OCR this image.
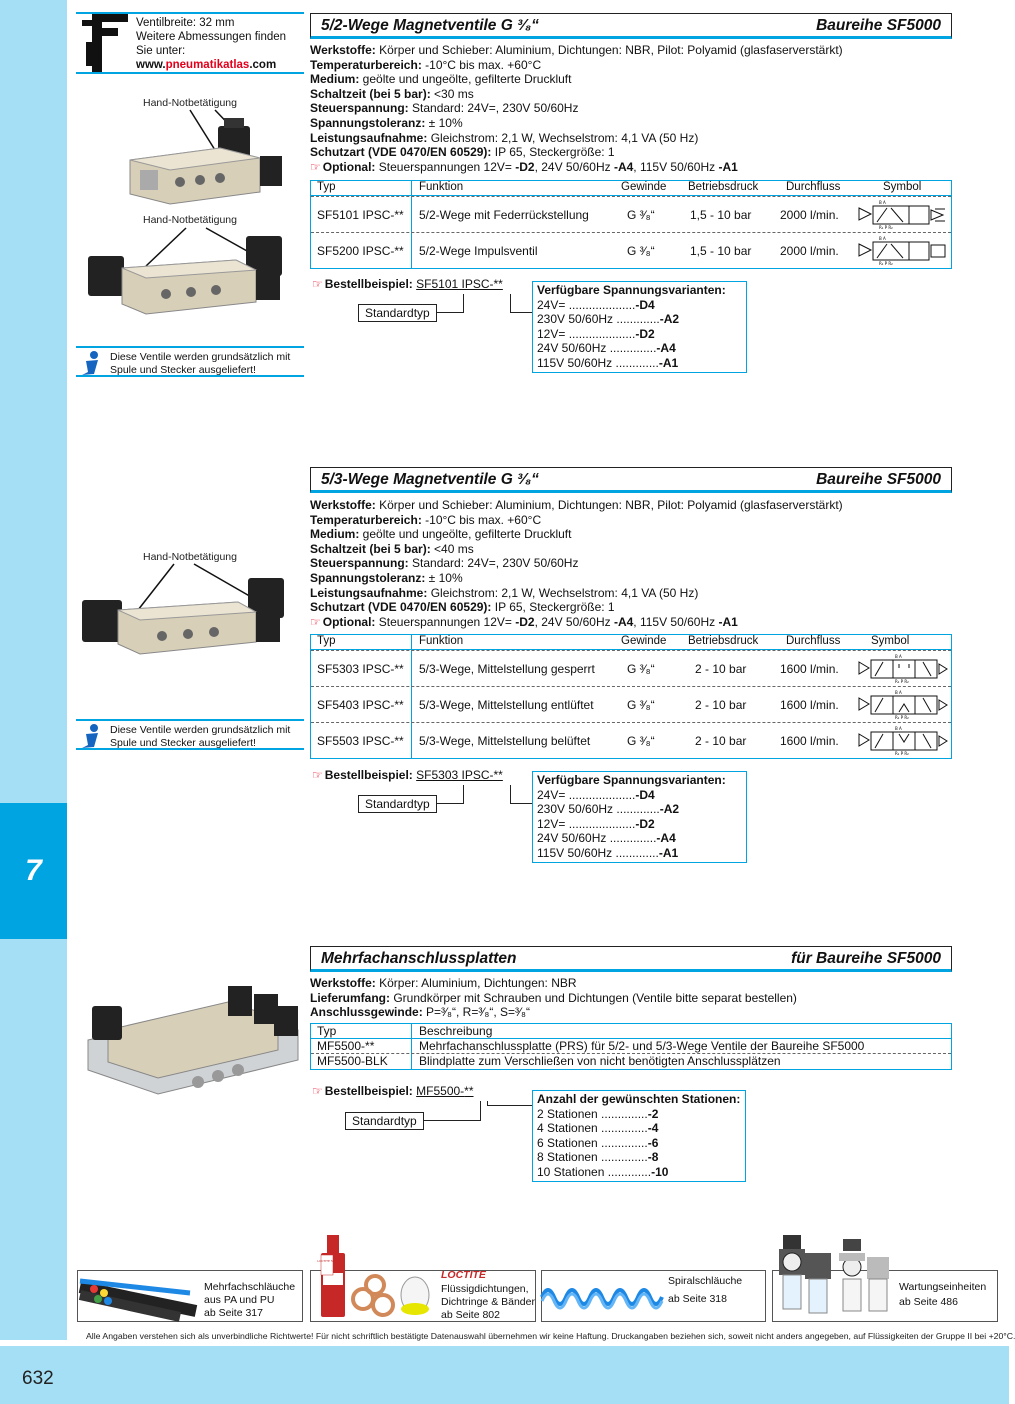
7
632
Ventilbreite: 32 mm
Weitere Abmessungen finden
Sie unter:
www.pneumatikatlas.com
Hand-Notbetätigung
Hand-Notbetätigung
Diese Ventile werden grundsätzlich mit
Spule und Stecker ausgeliefert!
5/2-Wege Magnetventile G ³⁄₈“	Baureihe SF5000
Werkstoffe: Körper und Schieber: Aluminium, Dichtungen: NBR, Pilot: Polyamid (glasfaserverstärkt)
Temperaturbereich: -10°C bis max. +60°C
Medium: geölte und ungeölte, gefilterte Druckluft
Schaltzeit (bei 5 bar): <30 ms
Steuerspannung: Standard: 24V=, 230V 50/60Hz
Spannungstoleranz: ± 10%
Leistungsaufnahme: Gleichstrom: 2,1 W, Wechselstrom: 4,1 VA (50 Hz)
Schutzart (VDE 0470/EN 60529): IP 65, Steckergröße: 1
☞ Optional: Steuerspannungen 12V= -D2, 24V 50/60Hz -A4, 115V 50/60Hz -A1
Typ	Funktion	Gewinde Betriebsdruck Durchfluss	Symbol
SF5101 IPSC-** 5/2-Wege mit Federrückstellung	G ³⁄₈“	1,5 - 10 bar 2000 l/min.
B A
R₁ P R₂
SF5200 IPSC-** 5/2-Wege Impulsventil	G ³⁄₈“	1,5 - 10 bar 2000 l/min.
B A
R₁ P R₂
☞ Bestellbeispiel: SF5101 IPSC-**
Standardtyp
Verfügbare Spannungsvarianten:
24V= ....................-D4
230V 50/60Hz .............-A2
12V= ....................-D2
24V 50/60Hz ..............-A4
115V 50/60Hz .............-A1
Hand-Notbetätigung
Diese Ventile werden grundsätzlich mit
Spule und Stecker ausgeliefert!
5/3-Wege Magnetventile G ³⁄₈“	Baureihe SF5000
Werkstoffe: Körper und Schieber: Aluminium, Dichtungen: NBR, Pilot: Polyamid (glasfaserverstärkt)
Temperaturbereich: -10°C bis max. +60°C
Medium: geölte und ungeölte, gefilterte Druckluft
Schaltzeit (bei 5 bar): <40 ms
Steuerspannung: Standard: 24V=, 230V 50/60Hz
Spannungstoleranz: ± 10%
Leistungsaufnahme: Gleichstrom: 2,1 W, Wechselstrom: 4,1 VA (50 Hz)
Schutzart (VDE 0470/EN 60529): IP 65, Steckergröße: 1
☞ Optional: Steuerspannungen 12V= -D2, 24V 50/60Hz -A4, 115V 50/60Hz -A1
Typ	Funktion	Gewinde Betriebsdruck Durchfluss	Symbol
SF5303 IPSC-** 5/3-Wege, Mittelstellung gesperrt	G ³⁄₈“	2 - 10 bar	1600 l/min.
B A
R₁ P R₂
SF5403 IPSC-** 5/3-Wege, Mittelstellung entlüftet	G ³⁄₈“	2 - 10 bar	1600 l/min.
B A
R₁ P R₂
SF5503 IPSC-** 5/3-Wege, Mittelstellung belüftet	G ³⁄₈“	2 - 10 bar	1600 l/min.
B A
R₁ P R₂
☞ Bestellbeispiel: SF5303 IPSC-**
Standardtyp
Verfügbare Spannungsvarianten:
24V= ....................-D4
230V 50/60Hz .............-A2
12V= ....................-D2
24V 50/60Hz ..............-A4
115V 50/60Hz .............-A1
Mehrfachanschlussplatten	für Baureihe SF5000
Werkstoffe: Körper: Aluminium, Dichtungen: NBR
Lieferumfang: Grundkörper mit Schrauben und Dichtungen (Ventile bitte separat bestellen)
Anschlussgewinde: P=³⁄₈“, R=³⁄₈“, S=³⁄₈“
Typ	Beschreibung
MF5500-**	Mehrfachanschlussplatte (PRS) für 5/2- und 5/3-Wege Ventile der Baureihe SF5000
MF5500-BLK	Blindplatte zum Verschließen von nicht benötigten Anschlussplätzen
☞ Bestellbeispiel: MF5500-**
Standardtyp
Anzahl der gewünschten Stationen:
2 Stationen ..............-2
4 Stationen ..............-4
6 Stationen ..............-6
8 Stationen ..............-8
10 Stationen .............-10
Mehrfachschläuche
aus PA und PU
ab Seite 317
LOCTITE 542
LOCTITE
Flüssigdichtungen,
Dichtringe & Bänder
ab Seite 802
Spiralschläuche
ab Seite 318
Wartungseinheiten
ab Seite 486
Alle Angaben verstehen sich als unverbindliche Richtwerte! Für nicht schriftlich bestätigte Datenauswahl übernehmen wir keine Haftung. Druckangaben beziehen sich, soweit nicht anders angegeben, auf Flüssigkeiten der Gruppe II bei +20°C.
